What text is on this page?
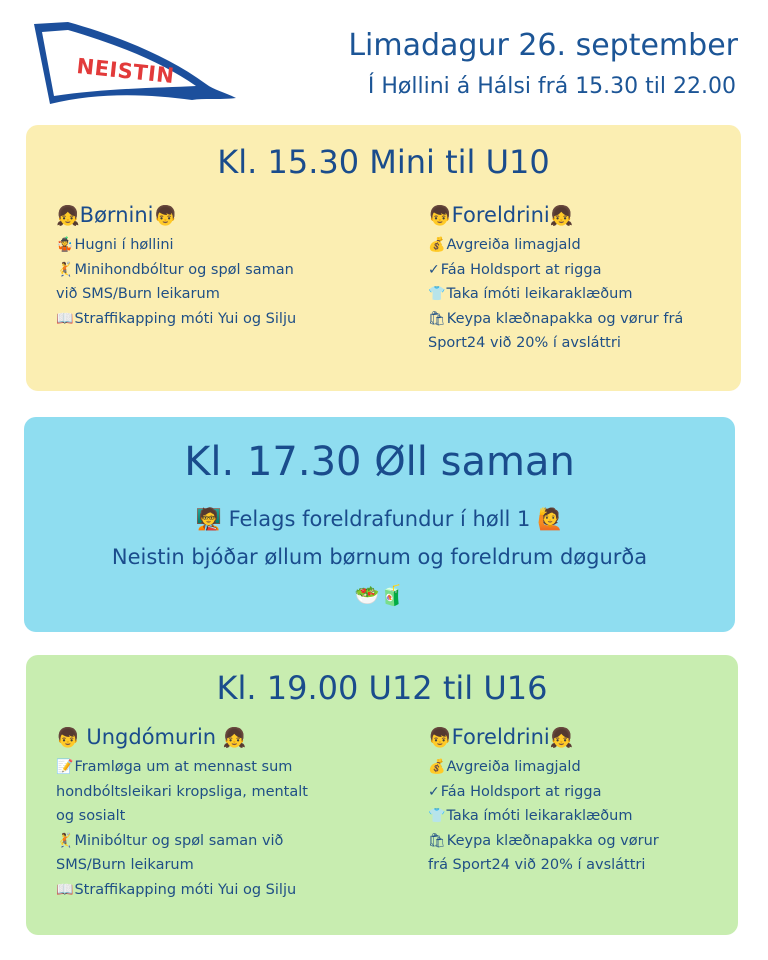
NEISTIN
Limadagur 26. september
Í Høllini á Hálsi frá 15.30 til 22.00
Kl. 15.30 Mini til U10
👧Børnini👦
🤹Hugni í høllini
🤾Minihondbóltur og spøl saman
við SMS/Burn leikarum
📖Straffikapping móti Yui og Silju
👦Foreldrini👧
💰Avgreiða limagjald
✓Fáa Holdsport at rigga
👕Taka ímóti leikaraklæðum
🛍Keypa klæðnapakka og vørur frá
Sport24 við 20% í avsláttri
Kl. 17.30 Øll saman
🧑‍🏫 Felags foreldrafundur í høll 1 🙋
Neistin bjóðar øllum børnum og foreldrum døgurða
🥗🧃
Kl. 19.00 U12 til U16
👦 Ungdómurin 👧
📝Framløga um at mennast sum
hondbóltsleikari kropsliga, mentalt
og sosialt
🤾Minibóltur og spøl saman við
SMS/Burn leikarum
📖Straffikapping móti Yui og Silju
👦Foreldrini👧
💰Avgreiða limagjald
✓Fáa Holdsport at rigga
👕Taka ímóti leikaraklæðum
🛍Keypa klæðnapakka og vørur
frá Sport24 við 20% í avsláttri
